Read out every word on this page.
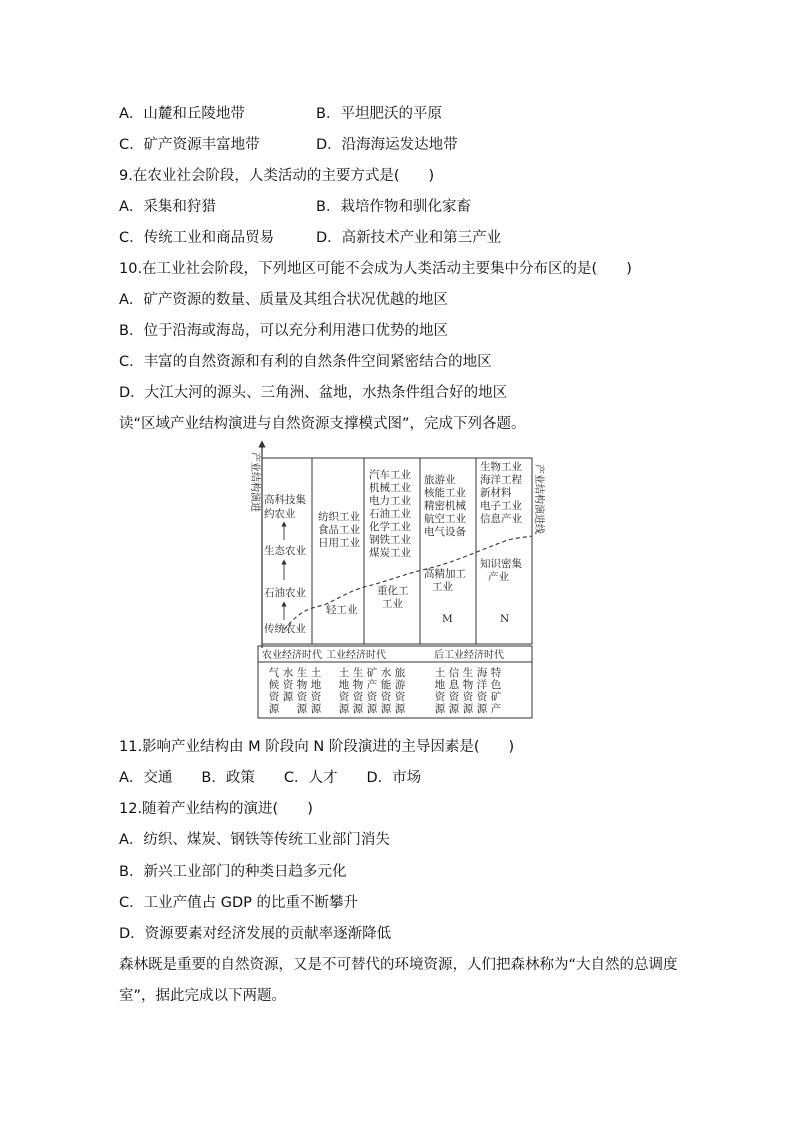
A．山麓和丘陵地带	B．平坦肥沃的平原
C．矿产资源丰富地带	D．沿海海运发达地带
9.在农业社会阶段，人类活动的主要方式是(　　)
A．采集和狩猎	B．栽培作物和驯化家畜
C．传统工业和商品贸易	D．高新技术产业和第三产业
10.在工业社会阶段，下列地区可能不会成为人类活动主要集中分布区的是(　　)
A．矿产资源的数量、质量及其组合状况优越的地区
B．位于沿海或海岛，可以充分利用港口优势的地区
C．丰富的自然资源和有利的自然条件空间紧密结合的地区
D．大江大河的源头、三角洲、盆地，水热条件组合好的地区
读“区域产业结构演进与自然资源支撑模式图”，完成下列各题。
产业结构演进 高科技集
约农业
生态农业
石油农业
传统农业
纺织工业
食品工业
日用工业
轻工业
汽车工业
机械工业
电力工业
石油工业
化学工业
钢铁工业
煤炭工业
重化工
工业
旅游业
核能工业
精密机械
航空工业
电气设备
高精加工
工业
M
生物工业
海洋工程
新材料
电子工业
信息产业
知识密集
产业
N
产业结构演进线
农业经济时代 工业经济时代	后工业经济时代
气候资源
水资源
生物资源
土地资源
土地资源
生物资源
矿产资源
水能资源
旅游资源
土地资源
信息资源
生物资源
海洋资源
特色矿产
11.影响产业结构由 M 阶段向 N 阶段演进的主导因素是(　　)
A．交通　　B．政策　　C．人才　　D．市场
12.随着产业结构的演进(　　)
A．纺织、煤炭、钢铁等传统工业部门消失
B．新兴工业部门的种类日趋多元化
C．工业产值占 GDP 的比重不断攀升
D．资源要素对经济发展的贡献率逐渐降低
森林既是重要的自然资源，又是不可替代的环境资源，人们把森林称为“大自然的总调度
室”，据此完成以下两题。
